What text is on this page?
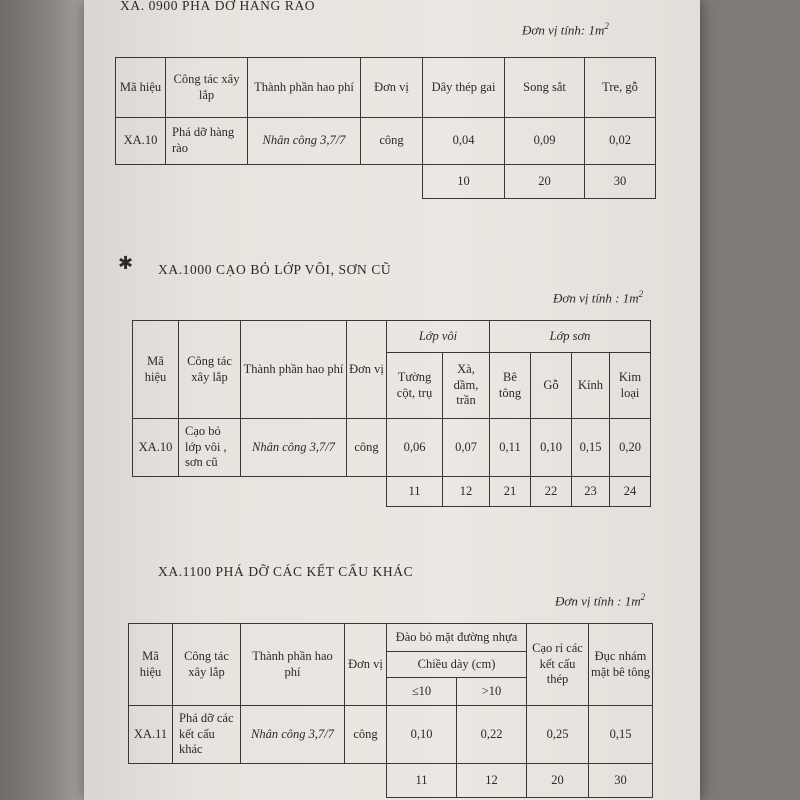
XA. 0900 PHÁ DỠ HÀNG RÀO
Đơn vị tính: $1m^2$
Mã hiệu	Công tác xây lắp	Thành phần hao phí	Đơn vị	Dây thép gai	Song sắt	Tre, gỗ
XA.10	Phá dỡ hàng rào	Nhân công 3,7/7	công	0,04	0,09	0,02
				10	20	30
✱ XA.1000 CẠO BỎ LỚP VÔI, SƠN CŨ
Đơn vị tính : $1m^2$
Mã hiệu	Công tác xây lắp	Thành phần hao phí	Đơn vị	Lớp vôi		Lớp sơn			
				Tường cột, trụ	Xà, dầm, trần	Bê tông	Gỗ	Kính	Kim loại
XA.10	Cạo bỏ lớp vôi , sơn cũ	Nhân công 3,7/7	công	0,06	0,07	0,11	0,10	0,15	0,20
				11	12	21	22	23	24
XA.1100 PHÁ DỠ CÁC KẾT CẤU KHÁC
Đơn vị tính : $1m^2$
Mã hiệu	Công tác xây lắp	Thành phần hao phí	Đơn vị	Đào bỏ mặt đường nhựa		Cạo rỉ các kết cấu thép	Đục nhám mặt bê tông
				Chiều dày (cm)			
				≤10	>10		
XA.11	Phá dỡ các kết cấu khác	Nhân công 3,7/7	công	0,10	0,22	0,25	0,15
				11	12	20	30
